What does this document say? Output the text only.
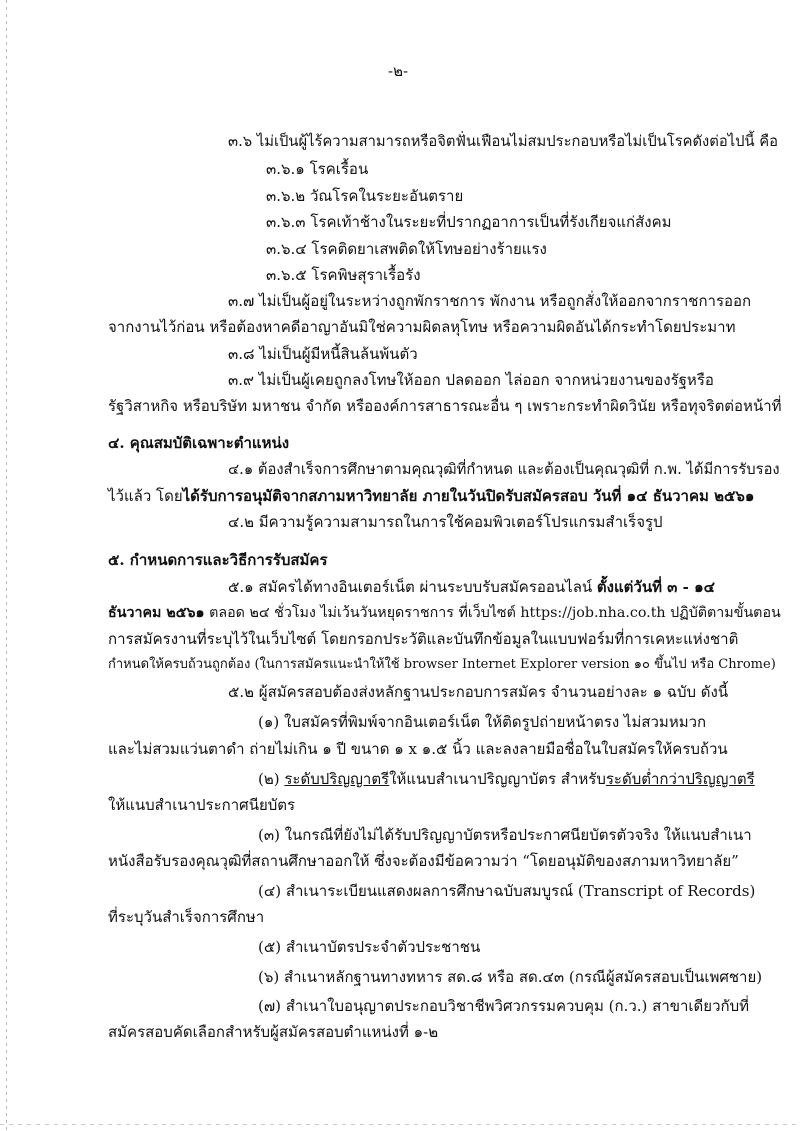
-๒-
๓.๖ ไม่เป็นผู้ไร้ความสามารถหรือจิตฟั่นเฟือนไม่สมประกอบหรือไม่เป็นโรคดังต่อไปนี้ คือ
๓.๖.๑ โรคเรื้อน
๓.๖.๒ วัณโรคในระยะอันตราย
๓.๖.๓ โรคเท้าช้างในระยะที่ปรากฏอาการเป็นที่รังเกียจแก่สังคม
๓.๖.๔ โรคติดยาเสพติดให้โทษอย่างร้ายแรง
๓.๖.๕ โรคพิษสุราเรื้อรัง
๓.๗ ไม่เป็นผู้อยู่ในระหว่างถูกพักราชการ พักงาน หรือถูกสั่งให้ออกจากราชการออก
จากงานไว้ก่อน หรือต้องหาคดีอาญาอันมิใช่ความผิดลหุโทษ หรือความผิดอันได้กระทำโดยประมาท
๓.๘ ไม่เป็นผู้มีหนี้สินล้นพ้นตัว
๓.๙ ไม่เป็นผู้เคยถูกลงโทษให้ออก ปลดออก ไล่ออก จากหน่วยงานของรัฐหรือ
รัฐวิสาหกิจ หรือบริษัท มหาชน จำกัด หรือองค์การสาธารณะอื่น ๆ เพราะกระทำผิดวินัย หรือทุจริตต่อหน้าที่
๔. คุณสมบัติเฉพาะตำแหน่ง
๔.๑ ต้องสำเร็จการศึกษาตามคุณวุฒิที่กำหนด และต้องเป็นคุณวุฒิที่ ก.พ. ได้มีการรับรอง
ไว้แล้ว โดยได้รับการอนุมัติจากสภามหาวิทยาลัย ภายในวันปิดรับสมัครสอบ วันที่ ๑๔ ธันวาคม ๒๕๖๑
๔.๒ มีความรู้ความสามารถในการใช้คอมพิวเตอร์โปรแกรมสำเร็จรูป
๕. กำหนดการและวิธีการรับสมัคร
๕.๑ สมัครได้ทางอินเตอร์เน็ต ผ่านระบบรับสมัครออนไลน์ ตั้งแต่วันที่ ๓ - ๑๔
ธันวาคม ๒๕๖๑ ตลอด ๒๔ ชั่วโมง ไม่เว้นวันหยุดราชการ ที่เว็บไซต์ https://job.nha.co.th ปฏิบัติตามขั้นตอน
การสมัครงานที่ระบุไว้ในเว็บไซต์ โดยกรอกประวัติและบันทึกข้อมูลในแบบฟอร์มที่การเคหะแห่งชาติ
กำหนดให้ครบถ้วนถูกต้อง (ในการสมัครแนะนำให้ใช้ browser Internet Explorer version ๑๐ ขึ้นไป หรือ Chrome)
๕.๒ ผู้สมัครสอบต้องส่งหลักฐานประกอบการสมัคร จำนวนอย่างละ ๑ ฉบับ ดังนี้
(๑) ใบสมัครที่พิมพ์จากอินเตอร์เน็ต ให้ติดรูปถ่ายหน้าตรง ไม่สวมหมวก
และไม่สวมแว่นตาดำ ถ่ายไม่เกิน ๑ ปี ขนาด ๑ x ๑.๕ นิ้ว และลงลายมือชื่อในใบสมัครให้ครบถ้วน
(๒) ระดับปริญญาตรีให้แนบสำเนาปริญญาบัตร สำหรับระดับต่ำกว่าปริญญาตรี
ให้แนบสำเนาประกาศนียบัตร
(๓) ในกรณีที่ยังไม่ได้รับปริญญาบัตรหรือประกาศนียบัตรตัวจริง ให้แนบสำเนา
หนังสือรับรองคุณวุฒิที่สถานศึกษาออกให้ ซึ่งจะต้องมีข้อความว่า “โดยอนุมัติของสภามหาวิทยาลัย”
(๔) สำเนาระเบียนแสดงผลการศึกษาฉบับสมบูรณ์ (Transcript of Records)
ที่ระบุวันสำเร็จการศึกษา
(๕) สำเนาบัตรประจำตัวประชาชน
(๖) สำเนาหลักฐานทางทหาร สด.๘ หรือ สด.๔๓ (กรณีผู้สมัครสอบเป็นเพศชาย)
(๗) สำเนาใบอนุญาตประกอบวิชาชีพวิศวกรรมควบคุม (ก.ว.) สาขาเดียวกับที่
สมัครสอบคัดเลือกสำหรับผู้สมัครสอบตำแหน่งที่ ๑-๒
